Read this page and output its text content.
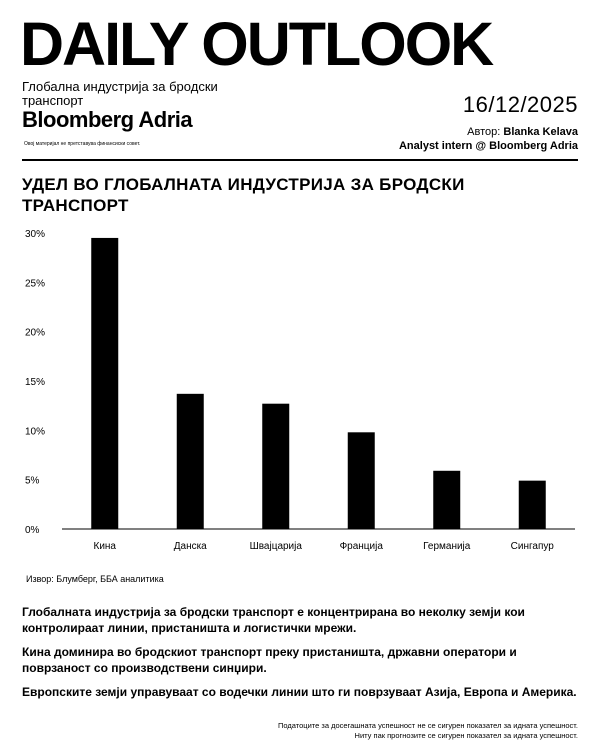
DAILY OUTLOOK
Глобална индустрија за бродски транспорт
Bloomberg Adria
Овој материјал не претставува финансиски совет.
16/12/2025
Автор: Blanka Kelava
Analyst intern @ Bloomberg Adria
УДЕЛ ВО ГЛОБАЛНАТА ИНДУСТРИЈА ЗА БРОДСКИ ТРАНСПОРТ
0%
5%
10%
15%
20%
25%
30%
Кина	Данска	Швајцарија	Франција	Германија	Сингапур
Извор: Блумберг, ББА аналитика
Глобалната индустрија за бродски транспорт е концентрирана во неколку земји кои контролираат линии, пристаништа и логистички мрежи.
Кина доминира во бродскиот транспорт преку пристаништа, државни оператори и поврзаност со производствени синџири.
Европските земји управуваат со водечки линии што ги поврзуваат Азија, Европа и Америка.
Податоците за досегашната успешност не се сигурен показател за идната успешност.
Ниту пак прогнозите се сигурен показател за идната успешност.
